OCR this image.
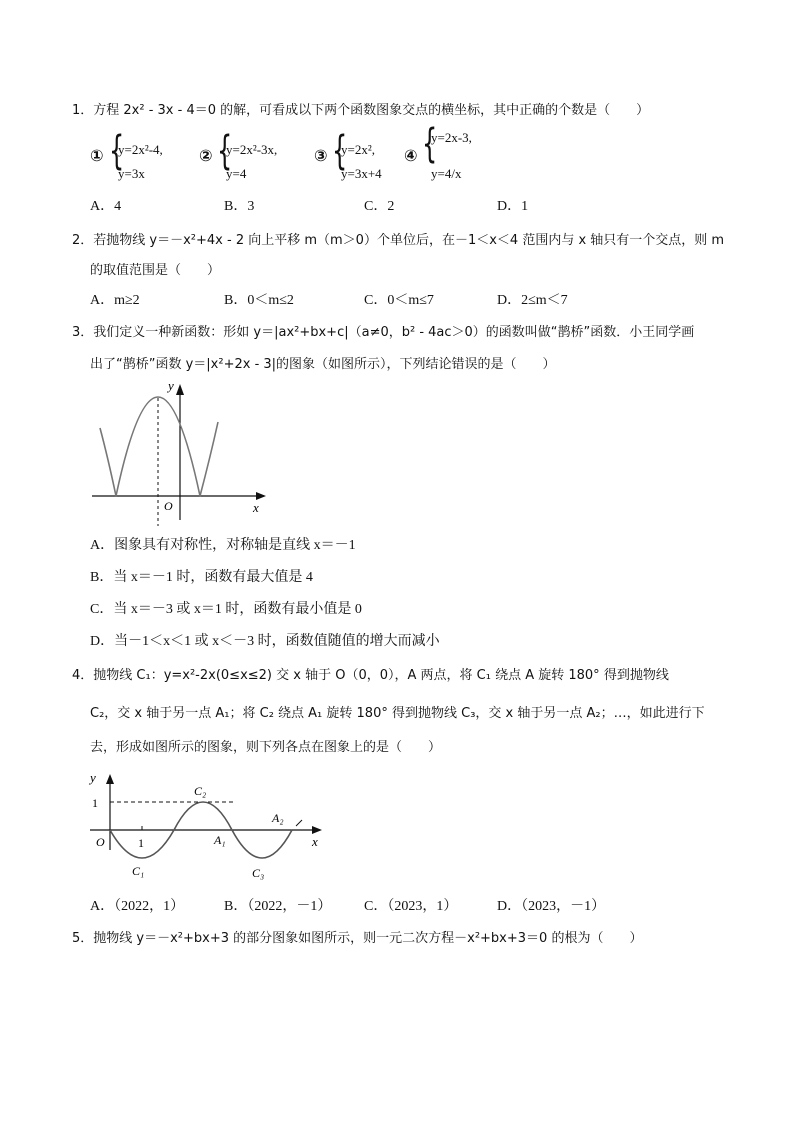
1．方程 2x² - 3x - 4＝0 的解，可看成以下两个函数图象交点的横坐标，其中正确的个数是（　　）
① {
y=2x²-4,
y=3x
② {
y=2x²-3x,
y=4
③ {
y=2x²,
y=3x+4
④ {
y=2x-3,
y=4/x
A．4	B．3	C．2	D．1
2．若抛物线 y＝－x²+4x - 2 向上平移 m（m＞0）个单位后，在－1＜x＜4 范围内与 x 轴只有一个交点，则 m
的取值范围是（　　）
A．m≥2	B．0＜m≤2	C．0＜m≤7	D．2≤m＜7
3．我们定义一种新函数：形如 y＝|ax²+bx+c|（a≠0，b² - 4ac＞0）的函数叫做“鹊桥”函数．小王同学画
出了“鹊桥”函数 y＝|x²+2x - 3|的图象（如图所示），下列结论错误的是（　　）
y
x
O
A．图象具有对称性，对称轴是直线 x＝－1
B．当 x＝－1 时，函数有最大值是 4
C．当 x＝－3 或 x＝1 时，函数有最小值是 0
D．当－1＜x＜1 或 x＜－3 时，函数值随值的增大而减小
4．抛物线 C₁：y=x²-2x(0≤x≤2) 交 x 轴于 O（0，0），A 两点，将 C₁ 绕点 A 旋转 180° 得到抛物线
C₂，交 x 轴于另一点 A₁；将 C₂ 绕点 A₁ 旋转 180° 得到抛物线 C₃，交 x 轴于另一点 A₂；…，如此进行下
去，形成如图所示的图象，则下列各点在图象上的是（　　）
y
x
O
1
1
C₁
C₂
C₃
A₁
A₂
A．（2022，1）	B．（2022，－1） C．（2023，1）	D．（2023，－1）
5．抛物线 y＝－x²+bx+3 的部分图象如图所示，则一元二次方程－x²+bx+3＝0 的根为（　　）
